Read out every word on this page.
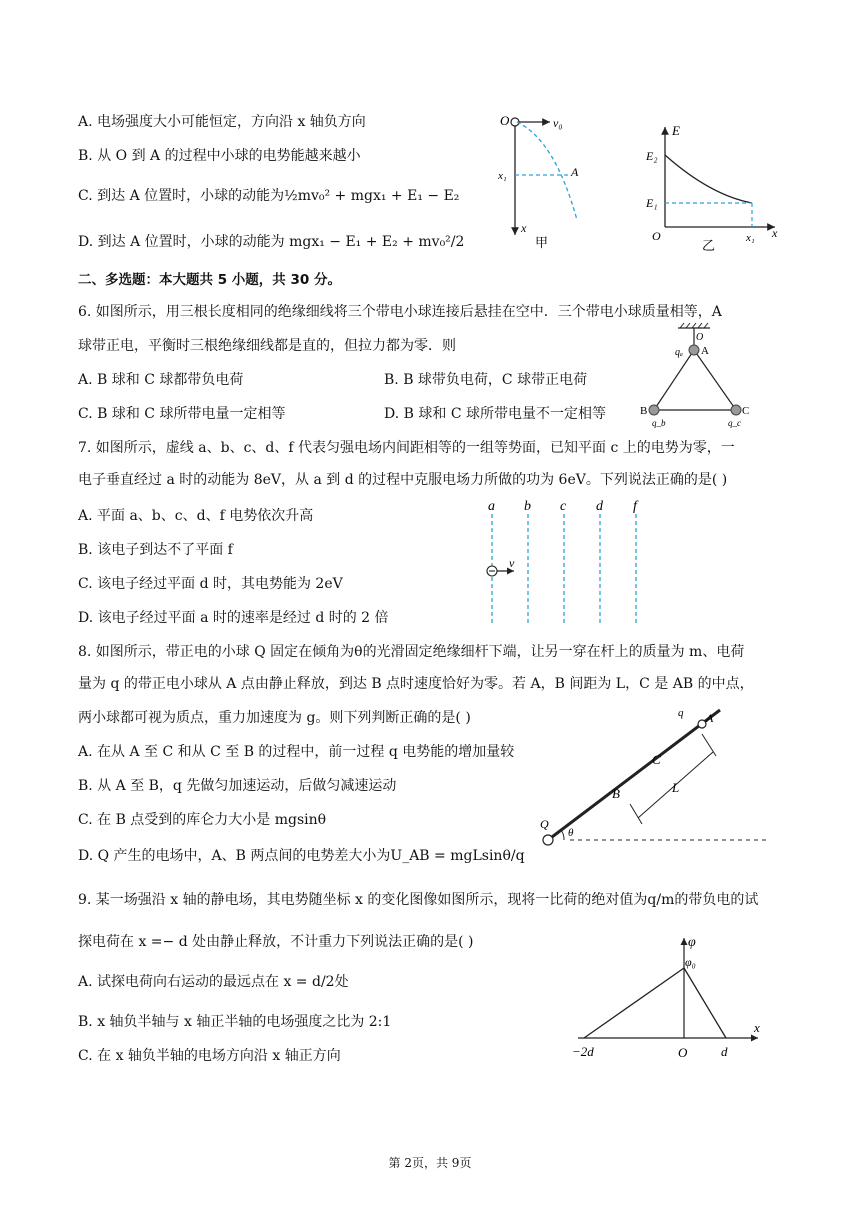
A. 电场强度大小可能恒定，方向沿 x 轴负方向
B. 从 O 到 A 的过程中小球的电势能越来越小
C. 到达 A 位置时，小球的动能为½mv₀² + mgx₁ + E₁ − E₂
D. 到达 A 位置时，小球的动能为 mgx₁ − E₁ + E₂ + mv₀²/2
O	v₀
x₁	A
x
甲
E
E₂
E₁
O	x₁ x
乙
二、多选题：本大题共 5 小题，共 30 分。
6. 如图所示，用三根长度相同的绝缘细线将三个带电小球连接后悬挂在空中．三个带电小球质量相等，A
球带正电，平衡时三根绝缘细线都是直的，但拉力都为零．则
A. B 球和 C 球都带负电荷	B. B 球带负电荷，C 球带正电荷
C. B 球和 C 球所带电量一定相等	D. B 球和 C 球所带电量不一定相等
O
qₐ A
B	C
q_b	q_c
7. 如图所示，虚线 a、b、c、d、f 代表匀强电场内间距相等的一组等势面，已知平面 c 上的电势为零，一
电子垂直经过 a 时的动能为 8eV，从 a 到 d 的过程中克服电场力所做的功为 6eV。下列说法正确的是( )
A. 平面 a、b、c、d、f 电势依次升高
B. 该电子到达不了平面 f
C. 该电子经过平面 d 时，其电势能为 2eV
D. 该电子经过平面 a 时的速率是经过 d 时的 2 倍
a b c d f
v
8. 如图所示，带正电的小球 Q 固定在倾角为θ的光滑固定绝缘细杆下端，让另一穿在杆上的质量为 m、电荷
量为 q 的带正电小球从 A 点由静止释放，到达 B 点时速度恰好为零。若 A，B 间距为 L，C 是 AB 的中点，
两小球都可视为质点，重力加速度为 g。则下列判断正确的是( )
A. 在从 A 至 C 和从 C 至 B 的过程中，前一过程 q 电势能的增加量较
B. 从 A 至 B，q 先做匀加速运动，后做匀减速运动
C. 在 B 点受到的库仑力大小是 mgsinθ
D. Q 产生的电场中，A、B 两点间的电势差大小为U_AB = mgLsinθ/q
q A
C
L
B
Q
θ
9. 某一场强沿 x 轴的静电场，其电势随坐标 x 的变化图像如图所示，现将一比荷的绝对值为q/m的带负电的试
探电荷在 x =− d 处由静止释放，不计重力下列说法正确的是( )
A. 试探电荷向右运动的最远点在 x = d/2处
B. x 轴负半轴与 x 轴正半轴的电场强度之比为 2:1
C. 在 x 轴负半轴的电场方向沿 x 轴正方向
φ
φ₀
x
−2d	O	d
第 2页，共 9页
